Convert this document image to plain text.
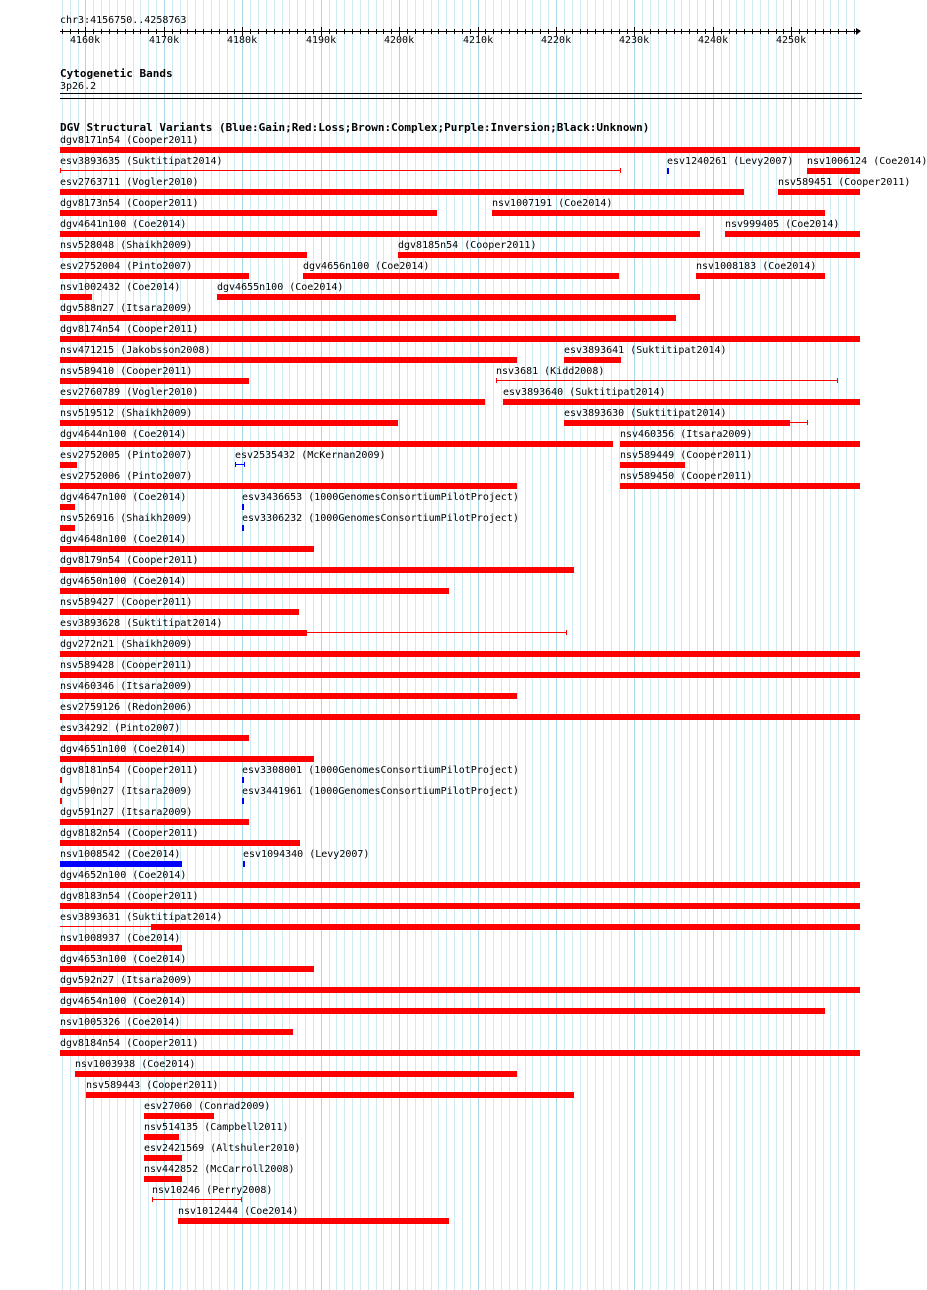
chr3:4156750..4258763
4160k	4170k	4180k	4190k	4200k	4210k	4220k	4230k	4240k	4250k
Cytogenetic Bands
3p26.2
DGV Structural Variants (Blue:Gain;Red:Loss;Brown:Complex;Purple:Inversion;Black:Unknown)
dgv8171n54 (Cooper2011)
esv3893635 (Suktitipat2014)	esv1240261 (Levy2007) nsv1006124 (Coe2014)
esv2763711 (Vogler2010)	nsv589451 (Cooper2011)
dgv8173n54 (Cooper2011)	nsv1007191 (Coe2014)
dgv4641n100 (Coe2014)	nsv999405 (Coe2014)
nsv528048 (Shaikh2009)	dgv8185n54 (Cooper2011)
esv2752004 (Pinto2007)	dgv4656n100 (Coe2014)	nsv1008183 (Coe2014)
nsv1002432 (Coe2014)	dgv4655n100 (Coe2014)
dgv588n27 (Itsara2009)
dgv8174n54 (Cooper2011)
nsv471215 (Jakobsson2008)	esv3893641 (Suktitipat2014)
nsv589410 (Cooper2011)	nsv3681 (Kidd2008)
esv2760789 (Vogler2010)	esv3893640 (Suktitipat2014)
nsv519512 (Shaikh2009)	esv3893630 (Suktitipat2014)
dgv4644n100 (Coe2014)	nsv460356 (Itsara2009)
esv2752005 (Pinto2007)	esv2535432 (McKernan2009)	nsv589449 (Cooper2011)
esv2752006 (Pinto2007)	nsv589450 (Cooper2011)
dgv4647n100 (Coe2014)	esv3436653 (1000GenomesConsortiumPilotProject)
nsv526916 (Shaikh2009)	esv3306232 (1000GenomesConsortiumPilotProject)
dgv4648n100 (Coe2014)
dgv8179n54 (Cooper2011)
dgv4650n100 (Coe2014)
nsv589427 (Cooper2011)
esv3893628 (Suktitipat2014)
dgv272n21 (Shaikh2009)
nsv589428 (Cooper2011)
nsv460346 (Itsara2009)
esv2759126 (Redon2006)
esv34292 (Pinto2007)
dgv4651n100 (Coe2014)
dgv8181n54 (Cooper2011)	esv3308001 (1000GenomesConsortiumPilotProject)
dgv590n27 (Itsara2009)	esv3441961 (1000GenomesConsortiumPilotProject)
dgv591n27 (Itsara2009)
dgv8182n54 (Cooper2011)
nsv1008542 (Coe2014)	esv1094340 (Levy2007)
dgv4652n100 (Coe2014)
dgv8183n54 (Cooper2011)
esv3893631 (Suktitipat2014)
nsv1008937 (Coe2014)
dgv4653n100 (Coe2014)
dgv592n27 (Itsara2009)
dgv4654n100 (Coe2014)
nsv1005326 (Coe2014)
dgv8184n54 (Cooper2011)
nsv1003938 (Coe2014)
nsv589443 (Cooper2011)
esv27060 (Conrad2009)
nsv514135 (Campbell2011)
esv2421569 (Altshuler2010)
nsv442852 (McCarroll2008)
nsv10246 (Perry2008)
nsv1012444 (Coe2014)
